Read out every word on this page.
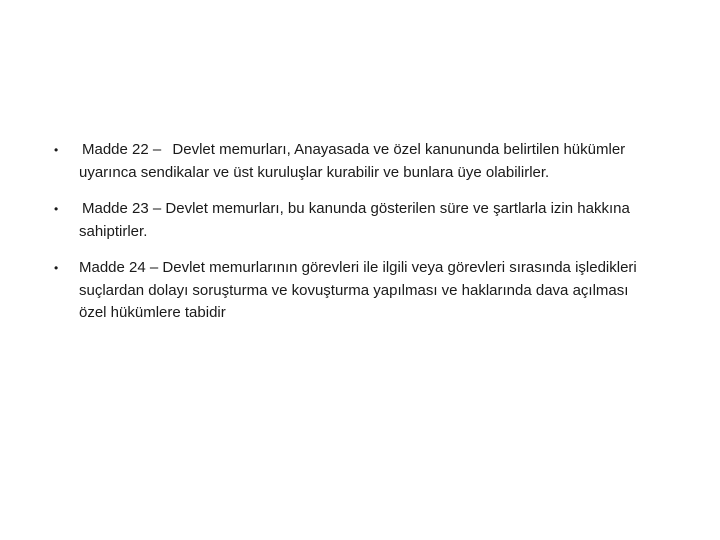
• Madde 22 – Devlet memurları, Anayasada ve özel kanununda belirtilen hükümler uyarınca sendikalar ve üst kuruluşlar kurabilir ve bunlara üye olabilirler.
• Madde 23 – Devlet memurları, bu kanunda gösterilen süre ve şartlarla izin hakkına sahiptirler.
• Madde 24 – Devlet memurlarının görevleri ile ilgili veya görevleri sırasında işledikleri suçlardan dolayı soruşturma ve kovuşturma yapılması ve haklarında dava açılması özel hükümlere tabidir
